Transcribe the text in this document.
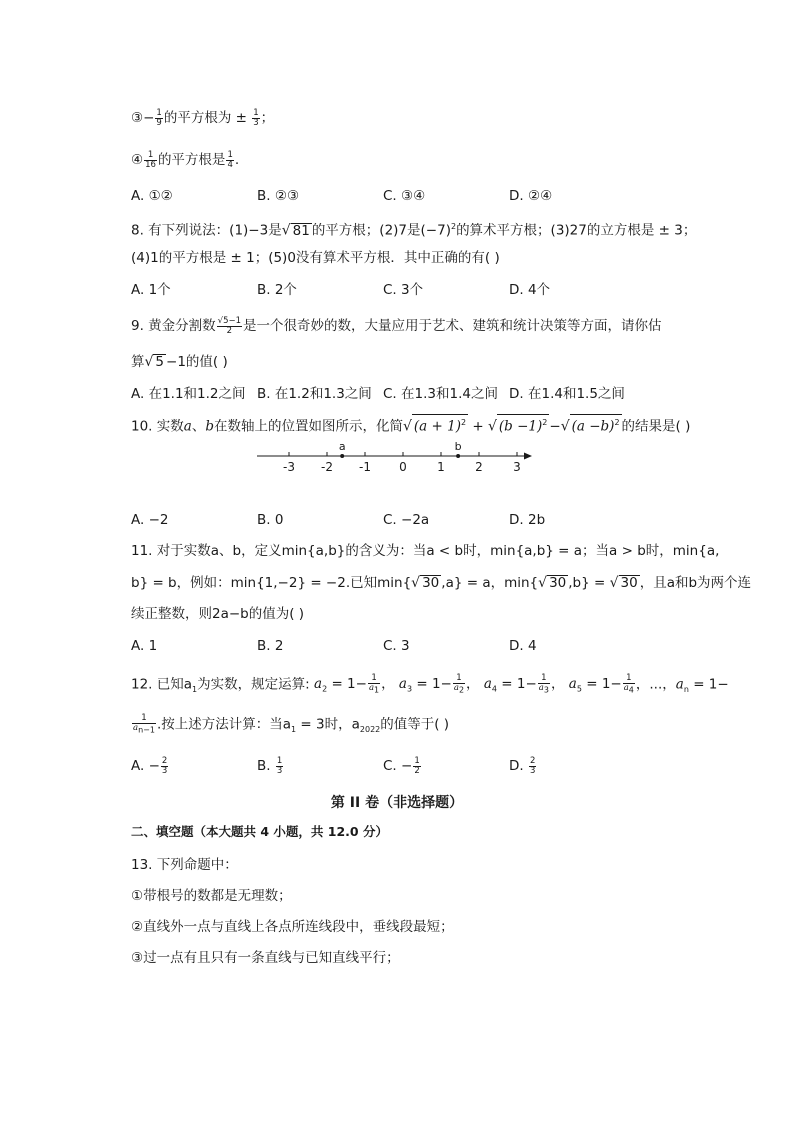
③− $\frac{1}{9}$ 的平方根为 ± $\frac{1}{3}$ ；
④ $\frac{1}{16}$ 的平方根是 $\frac{1}{4}$ .
A. ①②	B. ②③	C. ③④	D. ②④
8. 有下列说法：(1)−3是√ 81 的平方根；(2)7是$(-7)^2$的算术平方根；(3)27的立方根是 ± 3；
(4)1的平方根是 ± 1；(5)0没有算术平方根．其中正确的有( )
A. 1个	B. 2个	C. 3个	D. 4个
9. 黄金分割数 $\frac{√5-1}{2}$ 是一个很奇妙的数，大量应用于艺术、建筑和统计决策等方面，请你估
算√ 5 −1的值( )
A. 在1.1和1.2之间 B. 在1.2和1.3之间 C. 在1.3和1.4之间 D. 在1.4和1.5之间
10. 实数a、b在数轴上的位置如图所示，化简√ $(a + 1)^2$ + √ $(b -1)^2$ −√ $(a -b)^2$ 的结果是( )
-3 -2 -1 0	1	2	3
a	b
A. −2	B. 0	C. −2a	D. 2b
11. 对于实数a、b，定义min{a,b}的含义为：当a < b时，min{a,b} = a；当a > b时，min{a,
b} = b，例如：min{1,−2} = −2.已知min{√ 30 ,a} = a，min{√ 30 ,b} = √ 30 ，且a和b为两个连
续正整数，则2a−b的值为( )
A. 1	B. 2	C. 3	D. 4
12. 已知$a_1$为实数，规定运算: $a_2 = 1- \frac{1}{a_1}$ ， $a_3 = 1- \frac{1}{a_2}$ ， $a_4 = 1- \frac{1}{a_3}$ ， $a_5 = 1- \frac{1}{a_4}$ ，...，$a_n = 1-$
$\frac{1}{a_{n-1}}$ .按上述方法计算：当$a_1 = 3$时，$a_{2022}$的值等于( )
A. − $\frac{2}{3}$	B. $\frac{1}{3}$	C. − $\frac{1}{2}$	D. $\frac{2}{3}$
第 II 卷（非选择题）
二、填空题（本大题共 4 小题，共 12.0 分）
13. 下列命题中：
①带根号的数都是无理数；
②直线外一点与直线上各点所连线段中，垂线段最短；
③过一点有且只有一条直线与已知直线平行；
